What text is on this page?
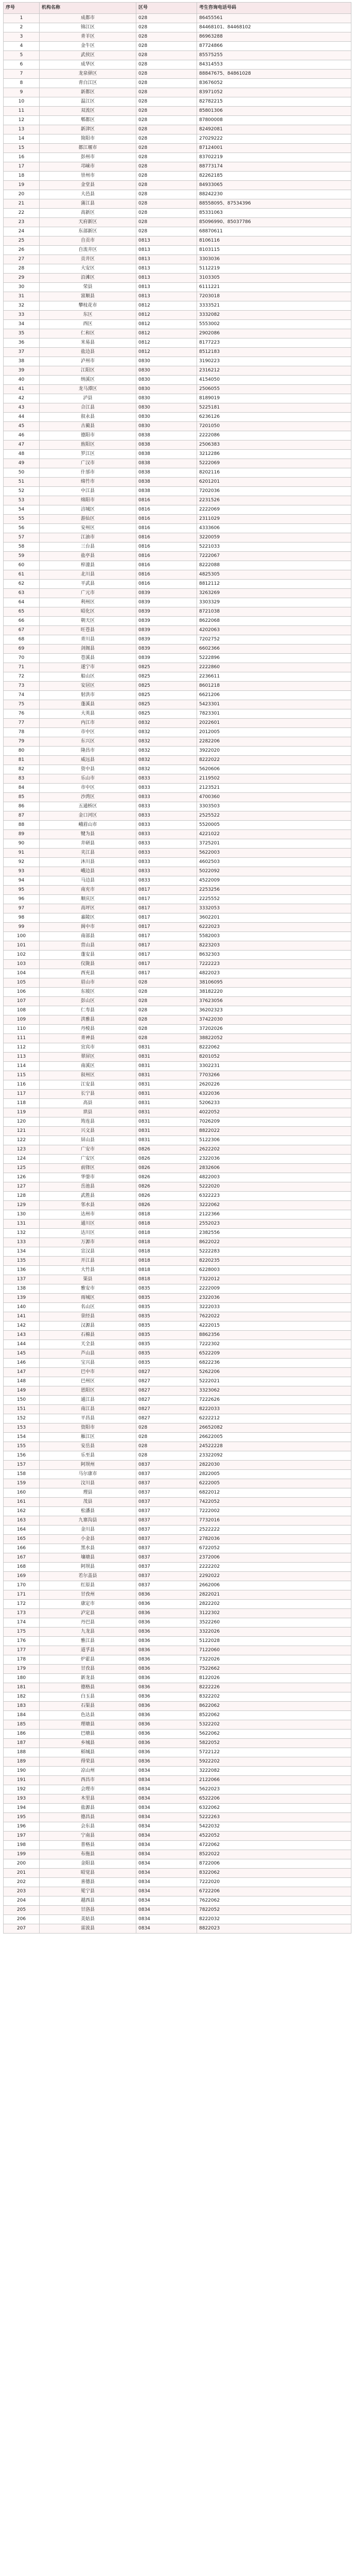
序号	机构名称	区号	考生咨询电话号码
1	成都市	028	86455561
2	锦江区	028	84468101、84468102
3	青羊区	028	86963288
4	金牛区	028	87724866
5	武侯区	028	85575255
6	成华区	028	84314553
7	龙泉驿区	028	88847675、84861028
8	青白江区	028	83676052
9	新都区	028	83971052
10	温江区	028	82782215
11	双流区	028	85801306
12	郫都区	028	87800008
13	新津区	028	82492081
14	简阳市	028	27029222
15	都江堰市	028	87124001
16	彭州市	028	83702219
17	邛崃市	028	88773174
18	崇州市	028	82262185
19	金堂县	028	84933065
20	大邑县	028	88242230
21	蒲江县	028	88558095、87534396
22	高新区	028	85331063
23	天府新区	028	85096990、85037786
24	东部新区	028	68870611
25	自贡市	0813	8106116
26	自流井区	0813	8103115
27	贡井区	0813	3303036
28	大安区	0813	5112219
29	沿滩区	0813	3103305
30	荣县	0813	6111221
31	富顺县	0813	7203018
32	攀枝花市	0812	3333521
33	东区	0812	3332082
34	西区	0812	5553002
35	仁和区	0812	2902086
36	米易县	0812	8177223
37	盐边县	0812	8512183
38	泸州市	0830	3190223
39	江阳区	0830	2316212
40	纳溪区	0830	4154050
41	龙马潭区	0830	2506055
42	泸县	0830	8189019
43	合江县	0830	5225181
44	叙永县	0830	6236126
45	古蔺县	0830	7201050
46	德阳市	0838	2222086
47	旌阳区	0838	2506383
48	罗江区	0838	3212286
49	广汉市	0838	5222069
50	什邡市	0838	8202116
51	绵竹市	0838	6201201
52	中江县	0838	7202036
53	绵阳市	0816	2231526
54	涪城区	0816	2222069
55	游仙区	0816	2311029
56	安州区	0816	4333606
57	江油市	0816	3220059
58	三台县	0816	5221033
59	盐亭县	0816	7222067
60	梓潼县	0816	8222088
61	北川县	0816	4825305
62	平武县	0816	8812112
63	广元市	0839	3263269
64	利州区	0839	3303329
65	昭化区	0839	8721038
66	朝天区	0839	8622068
67	旺苍县	0839	4202063
68	青川县	0839	7202752
69	剑阁县	0839	6602366
70	苍溪县	0839	5222896
71	遂宁市	0825	2222860
72	船山区	0825	2236611
73	安居区	0825	8601218
74	射洪市	0825	6621206
75	蓬溪县	0825	5423301
76	大英县	0825	7823301
77	内江市	0832	2022601
78	市中区	0832	2012005
79	东兴区	0832	2282206
80	隆昌市	0832	3922020
81	威远县	0832	8222022
82	资中县	0832	5620606
83	乐山市	0833	2119502
84	市中区	0833	2123521
85	沙湾区	0833	4700360
86	五通桥区	0833	3303503
87	金口河区	0833	2525522
88	峨眉山市	0833	5520005
89	犍为县	0833	4221022
90	井研县	0833	3725201
91	夹江县	0833	5622003
92	沐川县	0833	4602503
93	峨边县	0833	5022092
94	马边县	0833	4522009
95	南充市	0817	2253256
96	顺庆区	0817	2225552
97	高坪区	0817	3332053
98	嘉陵区	0817	3602201
99	阆中市	0817	6222023
100	南部县	0817	5582003
101	营山县	0817	8223203
102	蓬安县	0817	8632303
103	仪陇县	0817	7222223
104	西充县	0817	4822023
105	眉山市	028	38106095
106	东坡区	028	38182220
107	彭山区	028	37623056
108	仁寿县	028	36202323
109	洪雅县	028	37422030
110	丹棱县	028	37202026
111	青神县	028	38822052
112	宜宾市	0831	8222062
113	翠屏区	0831	8201052
114	南溪区	0831	3302231
115	叙州区	0831	7703266
116	江安县	0831	2620226
117	长宁县	0831	4322036
118	高县	0831	5206233
119	珙县	0831	4022052
120	筠连县	0831	7026209
121	兴文县	0831	8822022
122	屏山县	0831	5122306
123	广安市	0826	2622202
124	广安区	0826	2322036
125	前锋区	0826	2832606
126	华蓥市	0826	4822003
127	岳池县	0826	5222020
128	武胜县	0826	6322223
129	邻水县	0826	3222062
130	达州市	0818	2122366
131	通川区	0818	2552023
132	达川区	0818	2382556
133	万源市	0818	8622022
134	宣汉县	0818	5222283
135	开江县	0818	8220235
136	大竹县	0818	6228003
137	渠县	0818	7322012
138	雅安市	0835	2222009
139	雨城区	0835	2322036
140	名山区	0835	3222033
141	荥经县	0835	7622022
142	汉源县	0835	4222015
143	石棉县	0835	8862356
144	天全县	0835	7222302
145	芦山县	0835	6522209
146	宝兴县	0835	6822236
147	巴中市	0827	5262206
148	巴州区	0827	5222021
149	恩阳区	0827	3323062
150	通江县	0827	7222626
151	南江县	0827	8222033
152	平昌县	0827	6222212
153	资阳市	028	26652082
154	雁江区	028	26622005
155	安岳县	028	24522228
156	乐至县	028	23322092
157	阿坝州	0837	2822030
158	马尔康市	0837	2822005
159	汶川县	0837	6222005
160	理县	0837	6822012
161	茂县	0837	7422052
162	松潘县	0837	7222002
163	九寨沟县	0837	7732016
164	金川县	0837	2522222
165	小金县	0837	2782036
166	黑水县	0837	6722052
167	壤塘县	0837	2372006
168	阿坝县	0837	2222202
169	若尔盖县	0837	2292022
170	红原县	0837	2662006
171	甘孜州	0836	2822021
172	康定市	0836	2822202
173	泸定县	0836	3122302
174	丹巴县	0836	3522260
175	九龙县	0836	3322026
176	雅江县	0836	5122028
177	道孚县	0836	7122060
178	炉霍县	0836	7322026
179	甘孜县	0836	7522662
180	新龙县	0836	8122026
181	德格县	0836	8222226
182	白玉县	0836	8322202
183	石渠县	0836	8622062
184	色达县	0836	8522062
185	理塘县	0836	5322202
186	巴塘县	0836	5622062
187	乡城县	0836	5822052
188	稻城县	0836	5722122
189	得荣县	0836	5922202
190	凉山州	0834	3222082
191	西昌市	0834	2122066
192	会理市	0834	5622023
193	木里县	0834	6522206
194	盐源县	0834	6322062
195	德昌县	0834	5222263
196	会东县	0834	5422032
197	宁南县	0834	4522052
198	普格县	0834	4722062
199	布拖县	0834	8522022
200	金阳县	0834	8722006
201	昭觉县	0834	8322062
202	喜德县	0834	7222020
203	冕宁县	0834	6722206
204	越西县	0834	7622062
205	甘洛县	0834	7822052
206	美姑县	0834	8222032
207	雷波县	0834	8822023
